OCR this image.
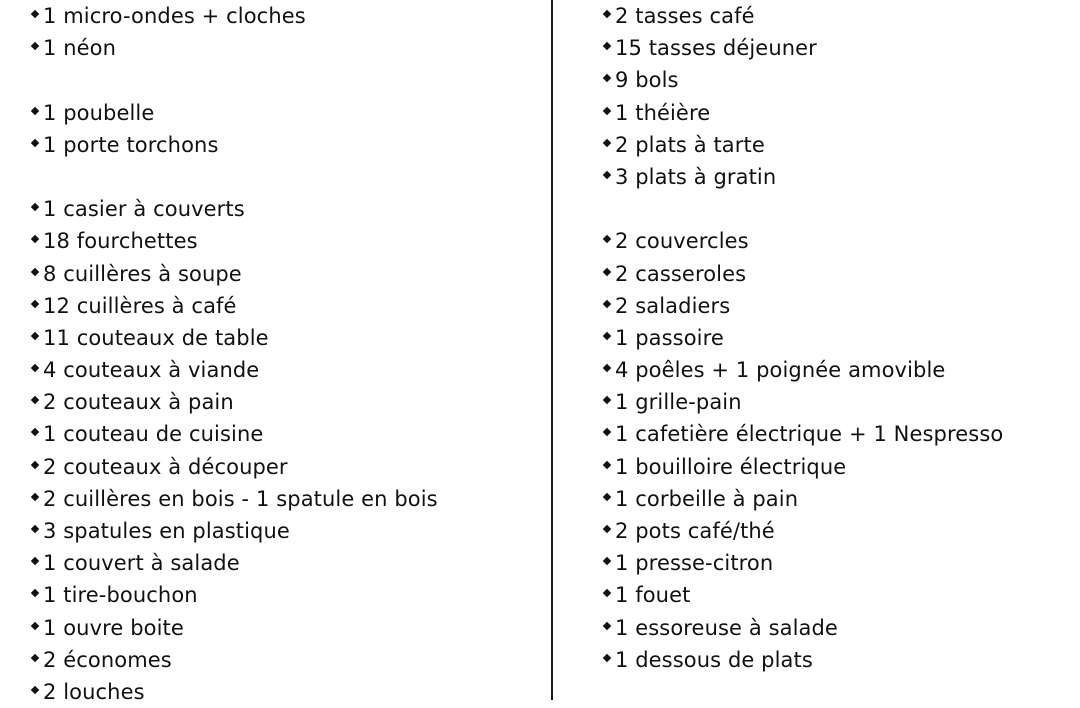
1 micro-ondes + cloches
1 néon
1 poubelle
1 porte torchons
1 casier à couverts
18 fourchettes
8 cuillères à soupe
12 cuillères à café
11 couteaux de table
4 couteaux à viande
2 couteaux à pain
1 couteau de cuisine
2 couteaux à découper
2 cuillères en bois - 1 spatule en bois
3 spatules en plastique
1 couvert à salade
1 tire-bouchon
1 ouvre boite
2 économes
2 louches
2 tasses café
15 tasses déjeuner
9 bols
1 théière
2 plats à tarte
3 plats à gratin
2 couvercles
2 casseroles
2 saladiers
1 passoire
4 poêles + 1 poignée amovible
1 grille-pain
1 cafetière électrique + 1 Nespresso
1 bouilloire électrique
1 corbeille à pain
2 pots café/thé
1 presse-citron
1 fouet
1 essoreuse à salade
1 dessous de plats
